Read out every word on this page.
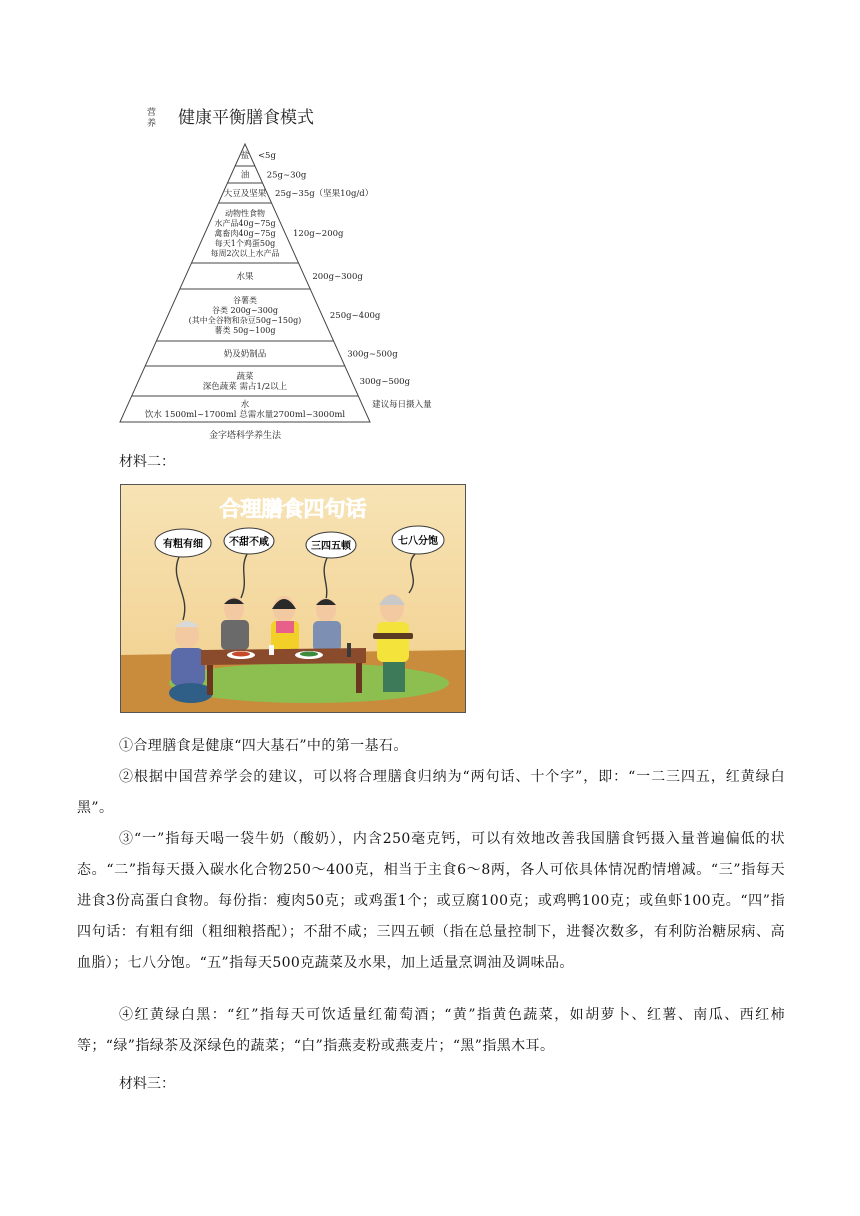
营
养 健康平衡膳食模式
盐 <5g
油 25g~30g
大豆及坚果 25g~35g（坚果10g/d）
动物性食物
水产品40g~75g
禽畜肉40g~75g
每天1个鸡蛋50g
每周2次以上水产品
120g~200g
水果	200g~300g
谷薯类
谷类 200g~300g
(其中全谷物和杂豆50g~150g)
薯类 50g~100g
250g~400g
奶及奶制品	300g~500g
蔬菜
深色蔬菜 需占1/2以上	300g~500g
水
饮水 1500ml~1700ml 总需水量2700ml~3000ml
建议每日摄入量
金字塔科学养生法
材料二：
合理膳食四句话
有粗有细	不甜不咸	三四五顿	七八分饱
①合理膳食是健康“四大基石”中的第一基石。
②根据中国营养学会的建议，可以将合理膳食归纳为“两句话、十个字”，即：“一二三四五，红黄绿白黑”。
③“一”指每天喝一袋牛奶（酸奶），内含250毫克钙，可以有效地改善我国膳食钙摄入量普遍偏低的状态。“二”指每天摄入碳水化合物250～400克，相当于主食6～8两，各人可依具体情况酌情增减。“三”指每天进食3份高蛋白食物。每份指：瘦肉50克；或鸡蛋1个；或豆腐100克；或鸡鸭100克；或鱼虾100克。“四”指四句话：有粗有细（粗细粮搭配）；不甜不咸；三四五顿（指在总量控制下，进餐次数多，有利防治糖尿病、高血脂）；七八分饱。“五”指每天500克蔬菜及水果，加上适量烹调油及调味品。
④红黄绿白黑：“红”指每天可饮适量红葡萄酒；“黄”指黄色蔬菜，如胡萝卜、红薯、南瓜、西红柿等；“绿”指绿茶及深绿色的蔬菜；“白”指燕麦粉或燕麦片；“黑”指黑木耳。
材料三：
